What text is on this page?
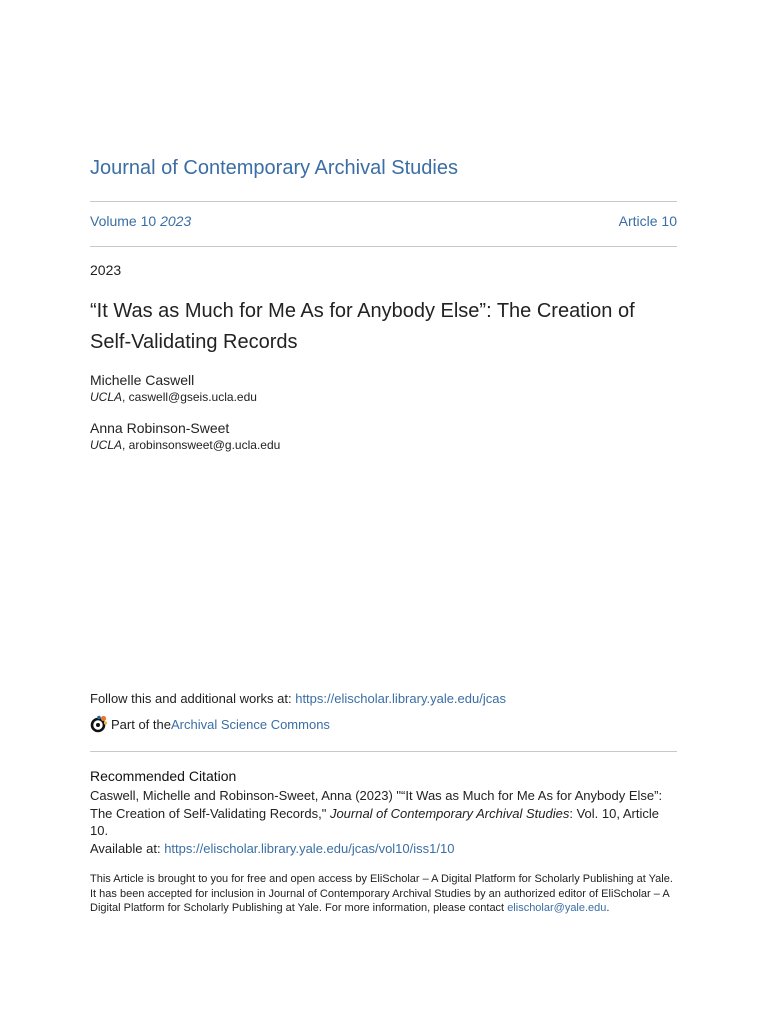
Journal of Contemporary Archival Studies
Volume 10 2023	Article 10
2023
“It Was as Much for Me As for Anybody Else”: The Creation of Self-Validating Records
Michelle Caswell
UCLA, caswell@gseis.ucla.edu
Anna Robinson-Sweet
UCLA, arobinsonsweet@g.ucla.edu
Follow this and additional works at: https://elischolar.library.yale.edu/jcas
Part of the Archival Science Commons
Recommended Citation
Caswell, Michelle and Robinson-Sweet, Anna (2023) "“It Was as Much for Me As for Anybody Else”: The Creation of Self-Validating Records," Journal of Contemporary Archival Studies: Vol. 10, Article 10.
Available at: https://elischolar.library.yale.edu/jcas/vol10/iss1/10
This Article is brought to you for free and open access by EliScholar – A Digital Platform for Scholarly Publishing at Yale. It has been accepted for inclusion in Journal of Contemporary Archival Studies by an authorized editor of EliScholar – A Digital Platform for Scholarly Publishing at Yale. For more information, please contact elischolar@yale.edu.
